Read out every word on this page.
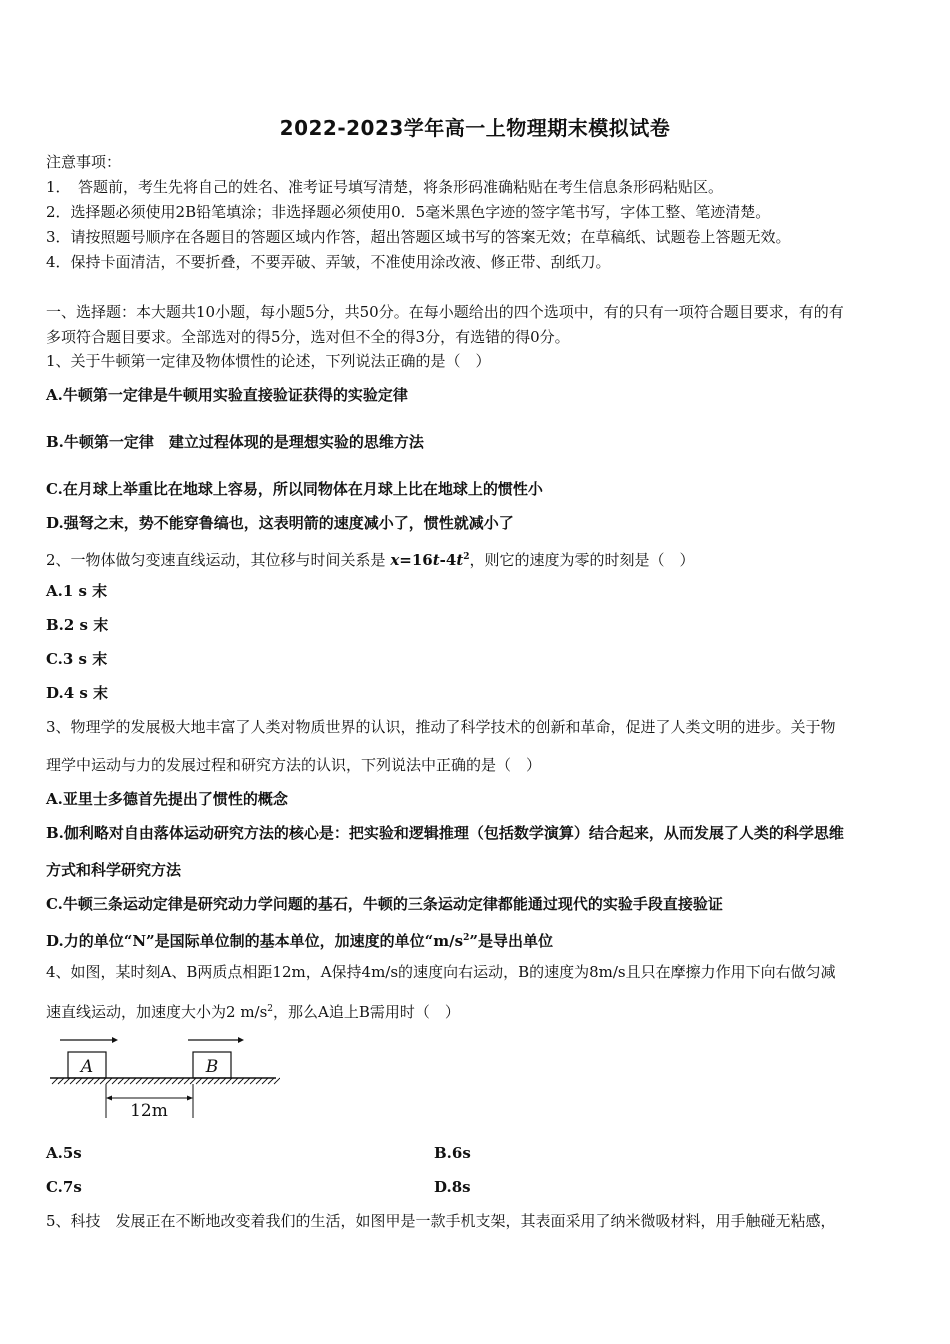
2022-2023学年高一上物理期末模拟试卷
注意事项：
1．　答题前，考生先将自己的姓名、准考证号填写清楚，将条形码准确粘贴在考生信息条形码粘贴区。
2．选择题必须使用2B铅笔填涂；非选择题必须使用0．5毫米黑色字迹的签字笔书写，字体工整、笔迹清楚。
3．请按照题号顺序在各题目的答题区域内作答，超出答题区域书写的答案无效；在草稿纸、试题卷上答题无效。
4．保持卡面清洁，不要折叠，不要弄破、弄皱，不准使用涂改液、修正带、刮纸刀。
一、选择题：本大题共10小题，每小题5分，共50分。在每小题给出的四个选项中，有的只有一项符合题目要求，有的有
多项符合题目要求。全部选对的得5分，选对但不全的得3分，有选错的得0分。
1、关于牛顿第一定律及物体惯性的论述，下列说法正确的是（　）
A.牛顿第一定律是牛顿用实验直接验证获得的实验定律
B.牛顿第一定律　建立过程体现的是理想实验的思维方法
C.在月球上举重比在地球上容易，所以同物体在月球上比在地球上的惯性小
D.强弩之末，势不能穿鲁缟也，这表明箭的速度减小了，惯性就减小了
2、一物体做匀变速直线运动，其位移与时间关系是 $x=16t-4t^2$，则它的速度为零的时刻是（　）
A.1 s 末
B.2 s 末
C.3 s 末
D.4 s 末
3、物理学的发展极大地丰富了人类对物质世界的认识，推动了科学技术的创新和革命，促进了人类文明的进步。关于物
理学中运动与力的发展过程和研究方法的认识，下列说法中正确的是（　）
A.亚里士多德首先提出了惯性的概念
B.伽利略对自由落体运动研究方法的核心是：把实验和逻辑推理（包括数学演算）结合起来，从而发展了人类的科学思维
方式和科学研究方法
C.牛顿三条运动定律是研究动力学问题的基石，牛顿的三条运动定律都能通过现代的实验手段直接验证
D.力的单位“N”是国际单位制的基本单位，加速度的单位“$m/s^2$”是导出单位
4、如图，某时刻A、B两质点相距12m，A保持4m/s的速度向右运动，B的速度为8m/s且只在摩擦力作用下向右做匀减
速直线运动，加速度大小为2 $m/s^2$，那么A追上B需用时（　）
A	B
12m
A.5s	B.6s
C.7s	D.8s
5、科技　发展正在不断地改变着我们的生活，如图甲是一款手机支架，其表面采用了纳米微吸材料，用手触碰无粘感，
